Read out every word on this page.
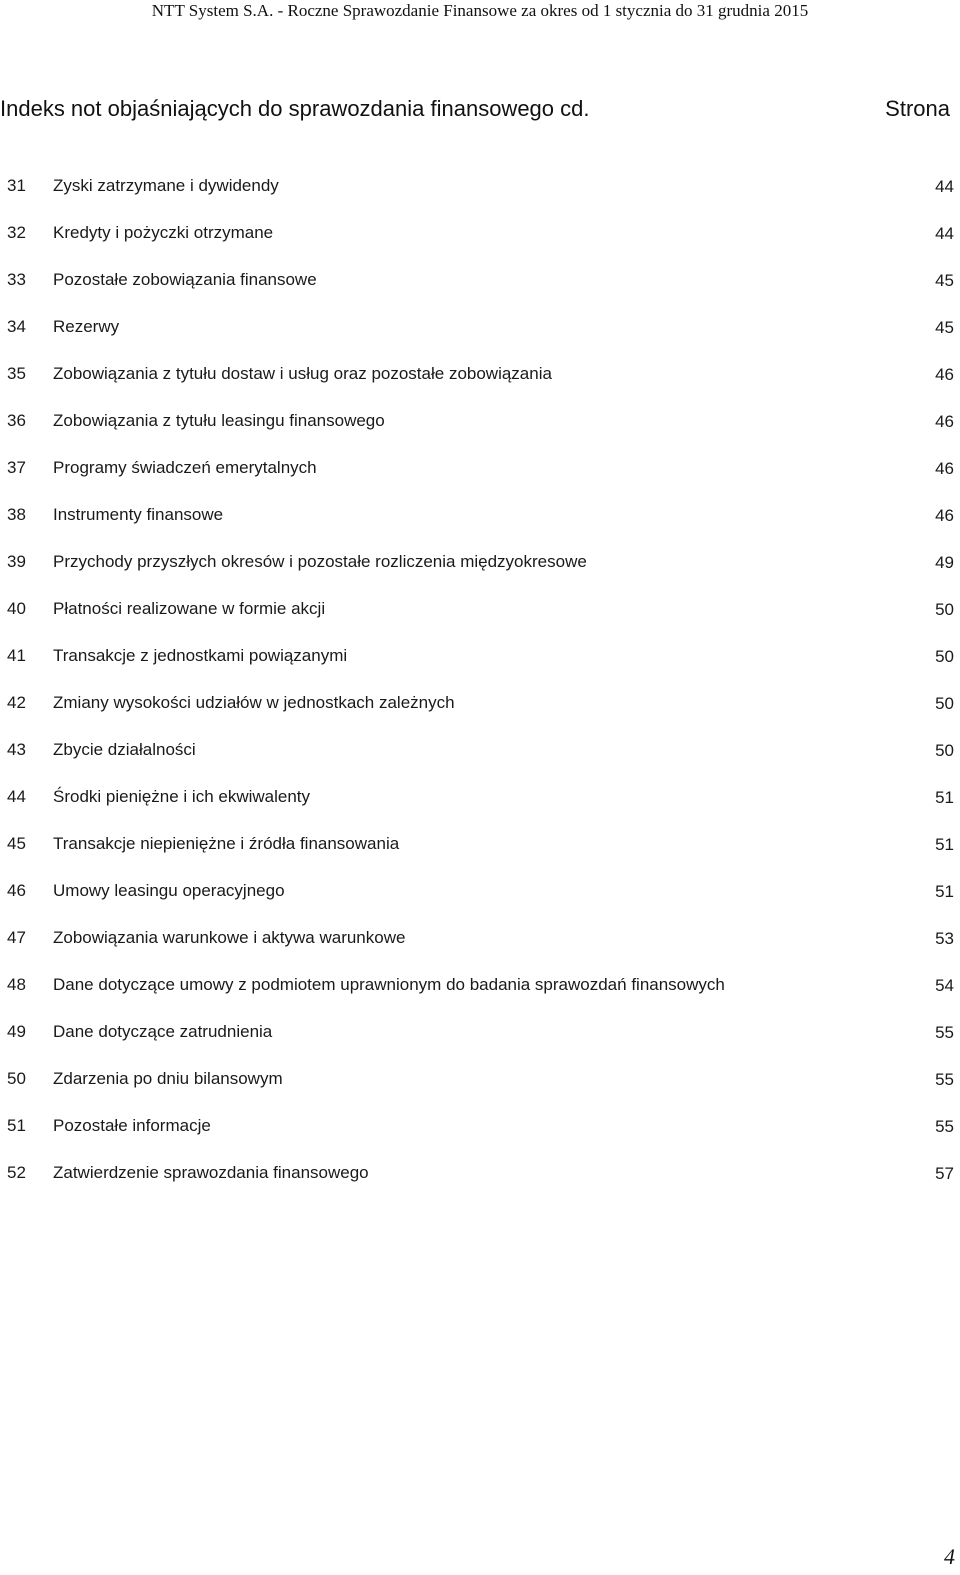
NTT System S.A. - Roczne Sprawozdanie Finansowe za okres od 1 stycznia do 31 grudnia 2015
Indeks not objaśniających do sprawozdania finansowego cd.	Strona
31	Zyski zatrzymane i dywidendy	44
32	Kredyty i pożyczki otrzymane	44
33	Pozostałe zobowiązania finansowe	45
34	Rezerwy	45
35	Zobowiązania z tytułu dostaw i usług oraz pozostałe zobowiązania	46
36	Zobowiązania z tytułu leasingu finansowego	46
37	Programy świadczeń emerytalnych	46
38	Instrumenty finansowe	46
39	Przychody przyszłych okresów i pozostałe rozliczenia międzyokresowe	49
40	Płatności realizowane w formie akcji	50
41	Transakcje z jednostkami powiązanymi	50
42	Zmiany wysokości udziałów w jednostkach zależnych	50
43	Zbycie działalności	50
44	Środki pieniężne i ich ekwiwalenty	51
45	Transakcje niepieniężne i źródła finansowania	51
46	Umowy leasingu operacyjnego	51
47	Zobowiązania warunkowe i aktywa warunkowe	53
48	Dane dotyczące umowy z podmiotem uprawnionym do badania sprawozdań finansowych	54
49	Dane dotyczące zatrudnienia	55
50	Zdarzenia po dniu bilansowym	55
51	Pozostałe informacje	55
52	Zatwierdzenie sprawozdania finansowego	57
4
